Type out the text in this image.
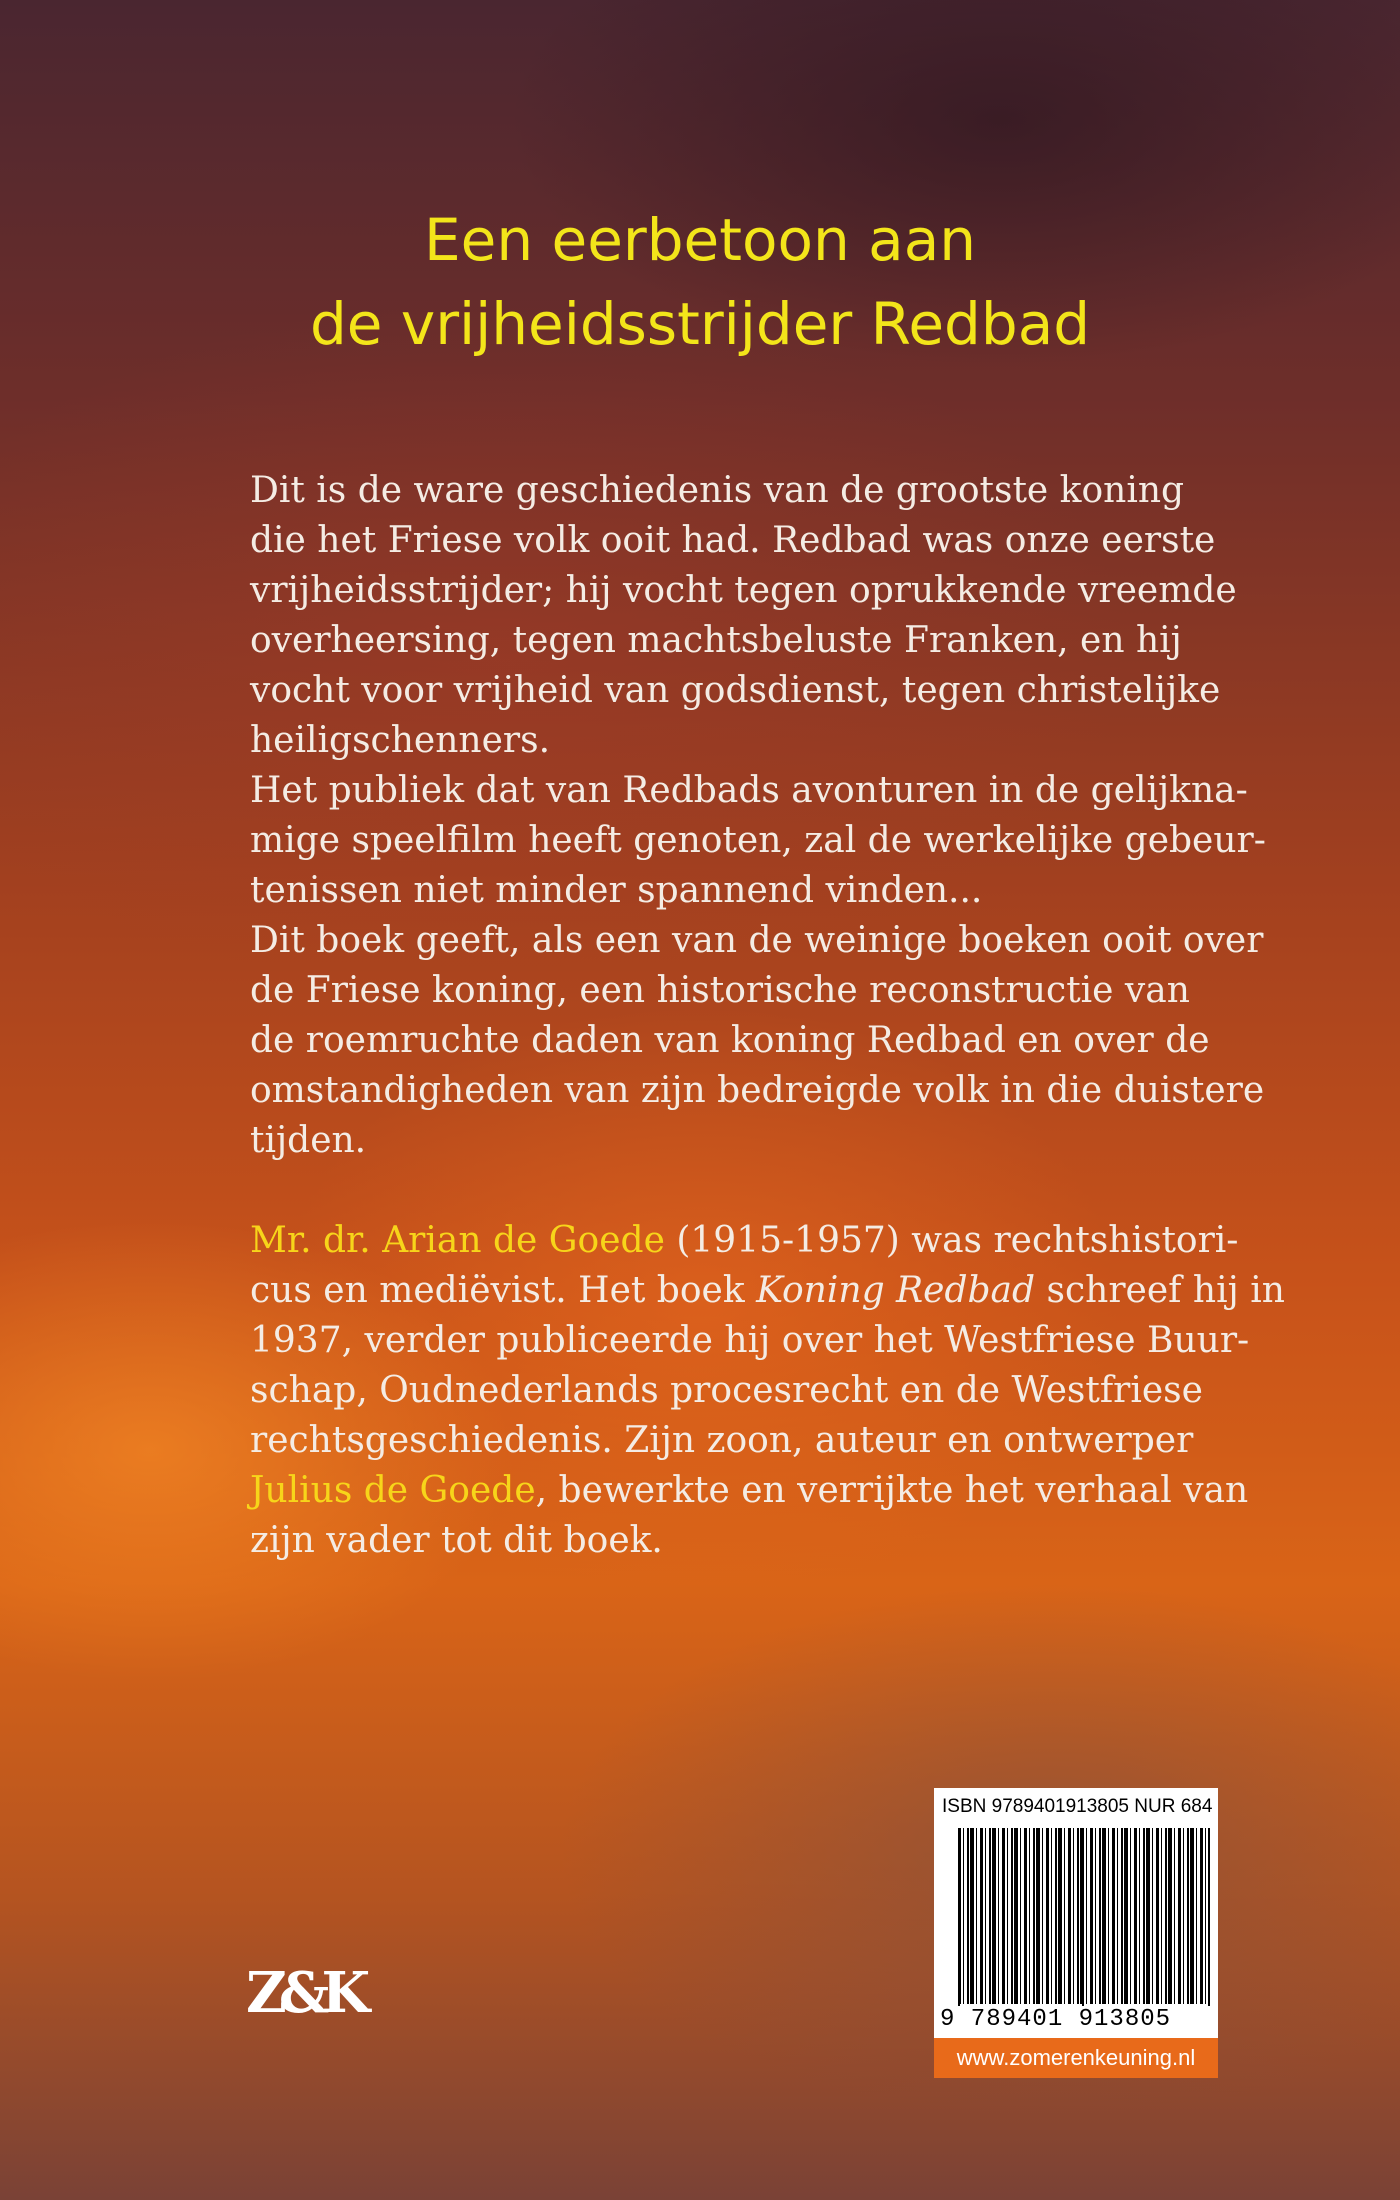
Een eerbetoon aan
de vrijheidsstrijder Redbad
Dit is de ware geschiedenis van de grootste koning
die het Friese volk ooit had. Redbad was onze eerste
vrijheidsstrijder; hij vocht tegen oprukkende vreemde
overheersing, tegen machtsbeluste Franken, en hij
vocht voor vrijheid van godsdienst, tegen christelijke
heiligschenners.
Het publiek dat van Redbads avonturen in de gelijkna-
mige speelfilm heeft genoten, zal de werkelijke gebeur-
tenissen niet minder spannend vinden...
Dit boek geeft, als een van de weinige boeken ooit over
de Friese koning, een historische reconstructie van
de roemruchte daden van koning Redbad en over de
omstandigheden van zijn bedreigde volk in die duistere
tijden.
Mr. dr. Arian de Goede (1915-1957) was rechtshistori-
cus en mediëvist. Het boek Koning Redbad schreef hij in
1937, verder publiceerde hij over het Westfriese Buur-
schap, Oudnederlands procesrecht en de Westfriese
rechtsgeschiedenis. Zijn zoon, auteur en ontwerper
Julius de Goede, bewerkte en verrijkte het verhaal van
zijn vader tot dit boek.
Z&K
ISBN 9789401913805 NUR 684
9 789401 913805
www.zomerenkeuning.nl
